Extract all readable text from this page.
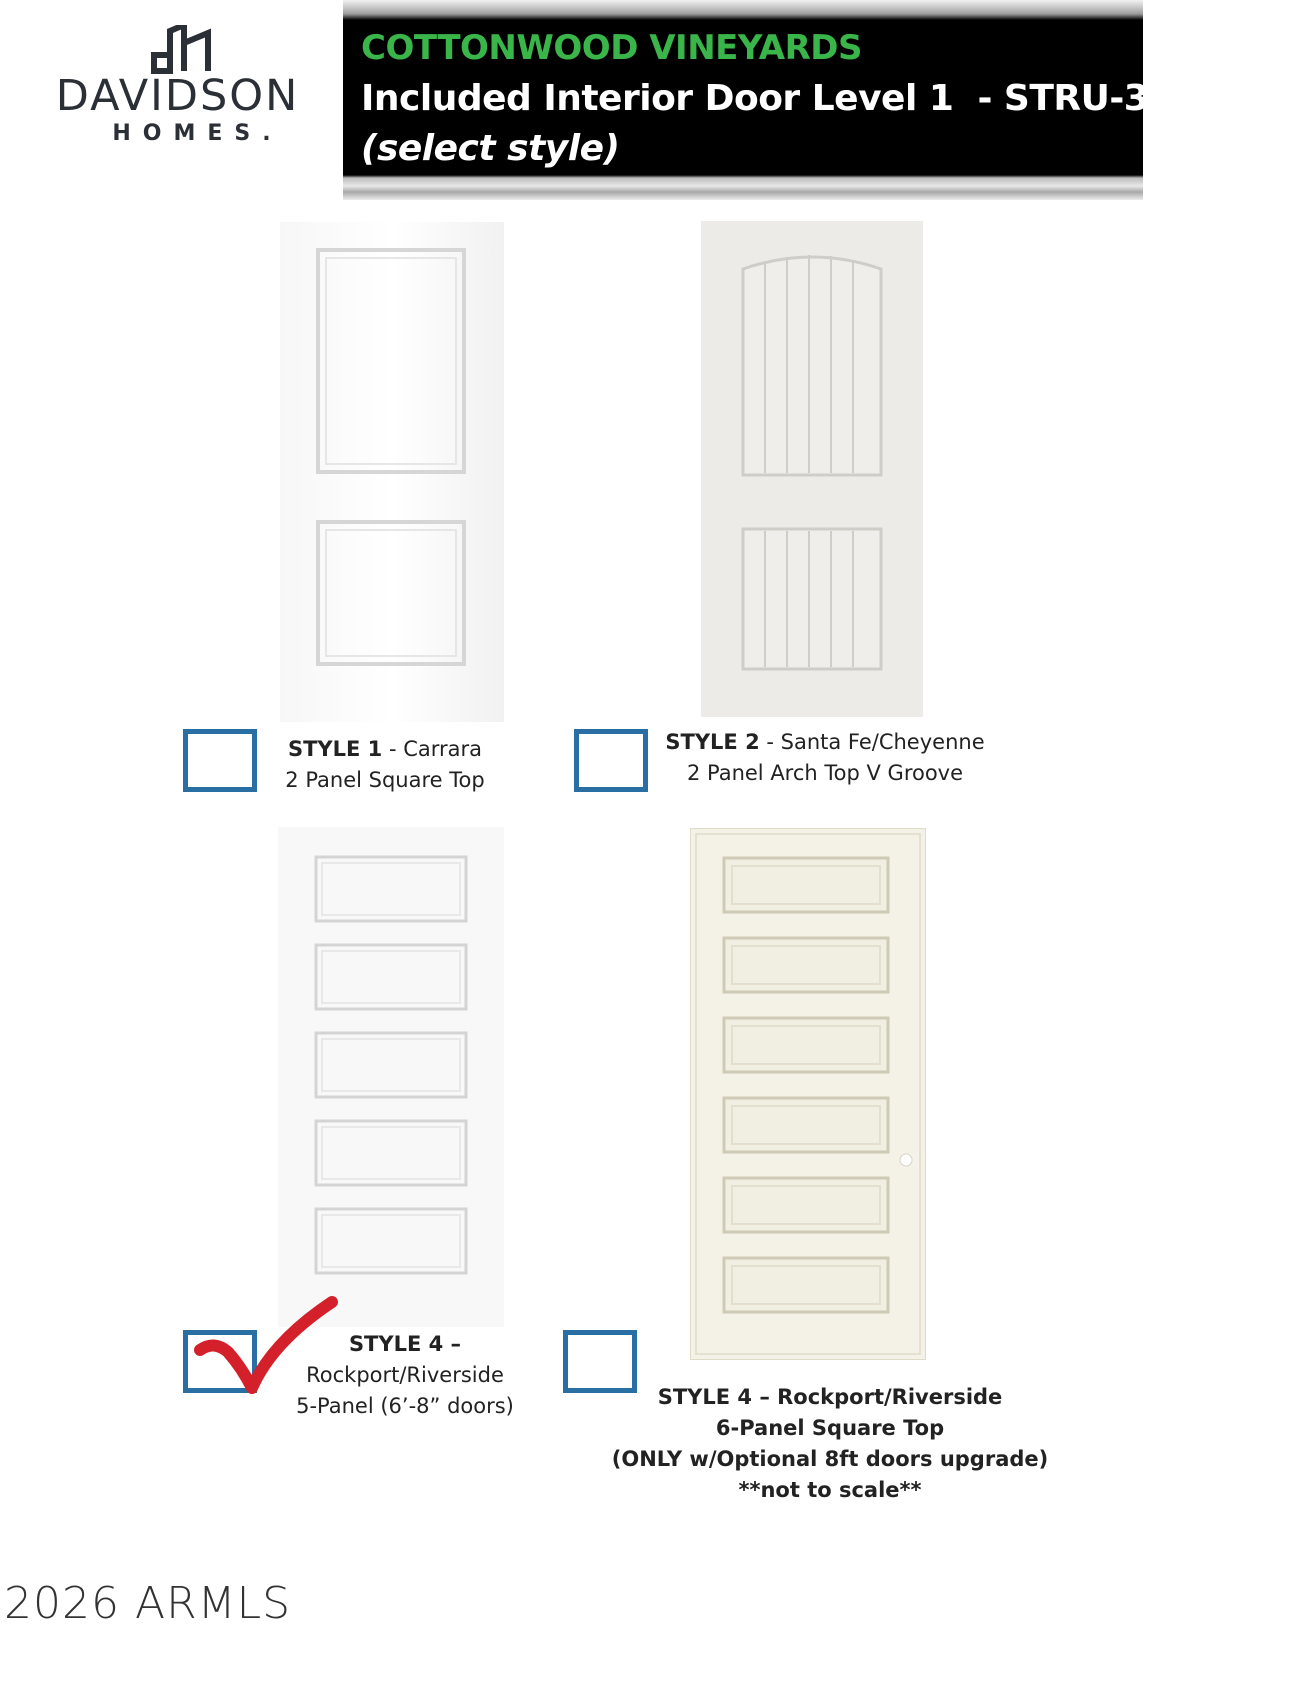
DAVIDSON
HOMES.
COTTONWOOD VINEYARDS
Included Interior Door Level 1  - STRU-3090
(select style)
STYLE 1 - Carrara
2 Panel Square Top
STYLE 2 - Santa Fe/Cheyenne
2 Panel Arch Top V Groove
STYLE 4 –
Rockport/Riverside
5-Panel (6’-8” doors)	STYLE 4 – Rockport/Riverside
6-Panel Square Top
(ONLY w/Optional 8ft doors upgrade)
**not to scale**
2026 ARMLS
